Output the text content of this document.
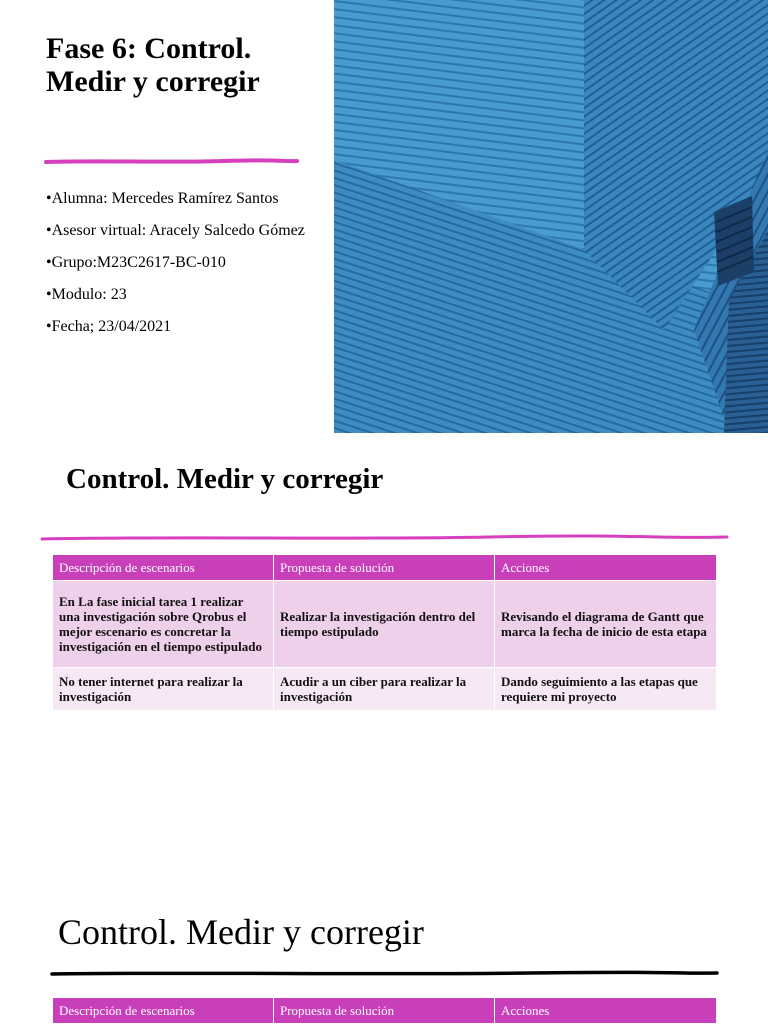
Fase 6: Control. Medir y corregir

•Alumna: Mercedes Ramírez Santos

•Asesor virtual: Aracely Salcedo Gómez

•Grupo:M23C2617-BC-010

•Modulo: 23

•Fecha; 23/04/2021

Control. Medir y corregir
Descripción de escenarios	Propuesta de solución	Acciones
En La fase inicial tarea 1 realizar una investigación sobre Qrobus el mejor escenario es concretar la investigación en el tiempo estipulado	Realizar la investigación dentro del tiempo estipulado	Revisando el diagrama de Gantt que marca la fecha de inicio de esta etapa
No tener internet para realizar la investigación	Acudir a un ciber para realizar la investigación	Dando seguimiento a las etapas que requiere mi proyecto
Control. Medir y corregir
Descripción de escenarios	Propuesta de solución	Acciones
